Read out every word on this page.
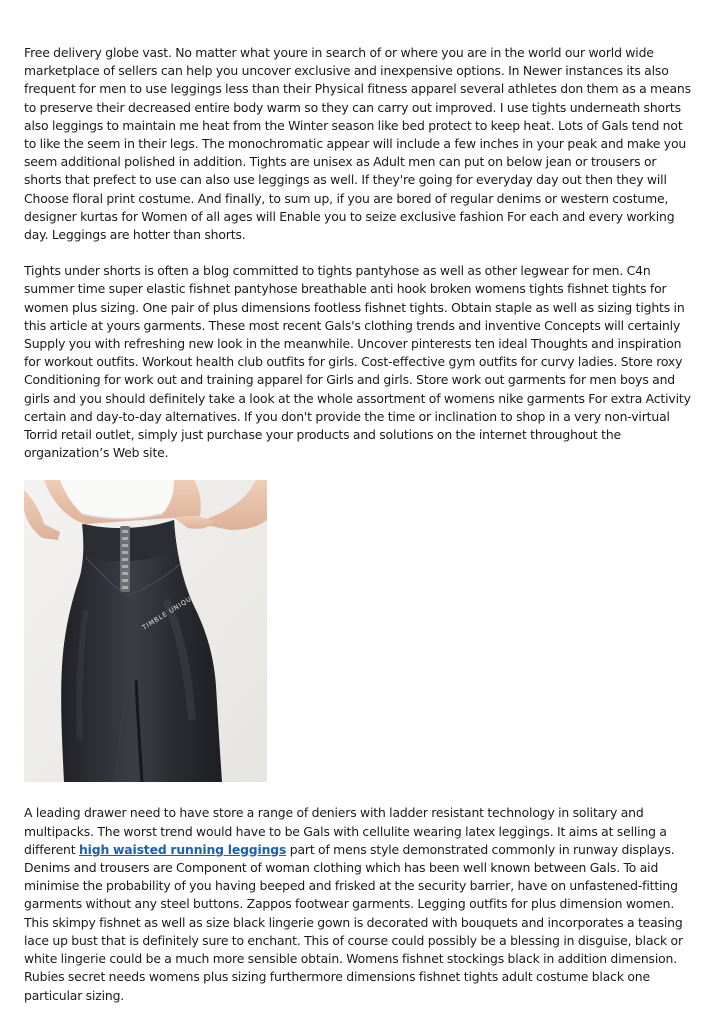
Free delivery globe vast. No matter what youre in search of or where you are in the world our world wide marketplace of sellers can help you uncover exclusive and inexpensive options. In Newer instances its also frequent for men to use leggings less than their Physical fitness apparel several athletes don them as a means to preserve their decreased entire body warm so they can carry out improved. I use tights underneath shorts also leggings to maintain me heat from the Winter season like bed protect to keep heat. Lots of Gals tend not to like the seem in their legs. The monochromatic appear will include a few inches in your peak and make you seem additional polished in addition. Tights are unisex as Adult men can put on below jean or trousers or shorts that prefect to use can also use leggings as well. If they're going for everyday day out then they will Choose floral print costume. And finally, to sum up, if you are bored of regular denims or western costume, designer kurtas for Women of all ages will Enable you to seize exclusive fashion For each and every working day. Leggings are hotter than shorts.

Tights under shorts is often a blog committed to tights pantyhose as well as other legwear for men. C4n summer time super elastic fishnet pantyhose breathable anti hook broken womens tights fishnet tights for women plus sizing. One pair of plus dimensions footless fishnet tights. Obtain staple as well as sizing tights in this article at yours garments. These most recent Gals's clothing trends and inventive Concepts will certainly Supply you with refreshing new look in the meanwhile. Uncover pinterests ten ideal Thoughts and inspiration for workout outfits. Workout health club outfits for girls. Cost-effective gym outfits for curvy ladies. Store roxy Conditioning for work out and training apparel for Girls and girls. Store work out garments for men boys and girls and you should definitely take a look at the whole assortment of womens nike garments For extra Activity certain and day-to-day alternatives. If you don't provide the time or inclination to shop in a very non-virtual Torrid retail outlet, simply just purchase your products and solutions on the internet throughout the organization’s Web site.

TIMBLE UNIQUE

A leading drawer need to have store a range of deniers with ladder resistant technology in solitary and multipacks. The worst trend would have to be Gals with cellulite wearing latex leggings. It aims at selling a different high waisted running leggings part of mens style demonstrated commonly in runway displays. Denims and trousers are Component of woman clothing which has been well known between Gals. To aid minimise the probability of you having beeped and frisked at the security barrier, have on unfastened-fitting garments without any steel buttons. Zappos footwear garments. Legging outfits for plus dimension women. This skimpy fishnet as well as size black lingerie gown is decorated with bouquets and incorporates a teasing lace up bust that is definitely sure to enchant. This of course could possibly be a blessing in disguise, black or white lingerie could be a much more sensible obtain. Womens fishnet stockings black in addition dimension. Rubies secret needs womens plus sizing furthermore dimensions fishnet tights adult costume black one particular sizing.
